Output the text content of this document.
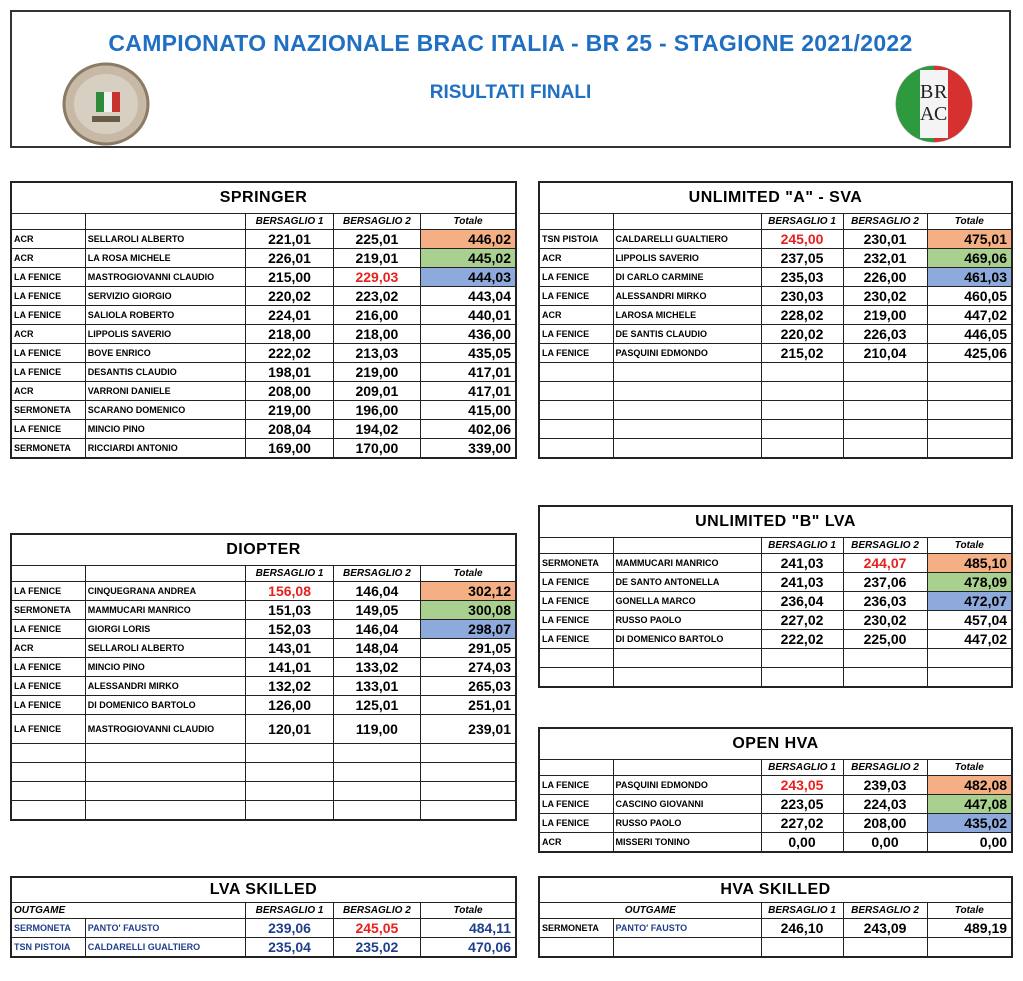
CAMPIONATO NAZIONALE BRAC ITALIA - BR 25 - STAGIONE 2021/2022
RISULTATI FINALI	B R
A C
SPRINGER				
		BERSAGLIO 1	BERSAGLIO 2	Totale
ACR	SELLAROLI ALBERTO	221,01	225,01	446,02
ACR	LA ROSA MICHELE	226,01	219,01	445,02
LA FENICE	MASTROGIOVANNI CLAUDIO	215,00	229,03	444,03
LA FENICE	SERVIZIO GIORGIO	220,02	223,02	443,04
LA FENICE	SALIOLA ROBERTO	224,01	216,00	440,01
ACR	LIPPOLIS SAVERIO	218,00	218,00	436,00
LA FENICE	BOVE ENRICO	222,02	213,03	435,05
LA FENICE	DESANTIS CLAUDIO	198,01	219,00	417,01
ACR	VARRONI DANIELE	208,00	209,01	417,01
SERMONETA	SCARANO DOMENICO	219,00	196,00	415,00
LA FENICE	MINCIO PINO	208,04	194,02	402,06
SERMONETA	RICCIARDI ANTONIO	169,00	170,00	339,00
UNLIMITED "A" - SVA				
		BERSAGLIO 1	BERSAGLIO 2	Totale
TSN PISTOIA	CALDARELLI GUALTIERO	245,00	230,01	475,01
ACR	LIPPOLIS SAVERIO	237,05	232,01	469,06
LA FENICE	DI CARLO CARMINE	235,03	226,00	461,03
LA FENICE	ALESSANDRI MIRKO	230,03	230,02	460,05
ACR	LAROSA MICHELE	228,02	219,00	447,02
LA FENICE	DE SANTIS CLAUDIO	220,02	226,03	446,05
LA FENICE	PASQUINI EDMONDO	215,02	210,04	425,06

DIOPTER				
		BERSAGLIO 1	BERSAGLIO 2	Totale
LA FENICE	CINQUEGRANA ANDREA	156,08	146,04	302,12
SERMONETA	MAMMUCARI MANRICO	151,03	149,05	300,08
LA FENICE	GIORGI LORIS	152,03	146,04	298,07
ACR	SELLAROLI ALBERTO	143,01	148,04	291,05
LA FENICE	MINCIO PINO	141,01	133,02	274,03
LA FENICE	ALESSANDRI MIRKO	132,02	133,01	265,03
LA FENICE	DI DOMENICO BARTOLO	126,00	125,01	251,01
LA FENICE	MASTROGIOVANNI CLAUDIO	120,01	119,00	239,01

UNLIMITED "B" LVA				
		BERSAGLIO 1	BERSAGLIO 2	Totale
SERMONETA	MAMMUCARI MANRICO	241,03	244,07	485,10
LA FENICE	DE SANTO ANTONELLA	241,03	237,06	478,09
LA FENICE	GONELLA MARCO	236,04	236,03	472,07
LA FENICE	RUSSO PAOLO	227,02	230,02	457,04
LA FENICE	DI DOMENICO BARTOLO	222,02	225,00	447,02

OPEN HVA				
		BERSAGLIO 1	BERSAGLIO 2	Totale
LA FENICE	PASQUINI EDMONDO	243,05	239,03	482,08
LA FENICE	CASCINO GIOVANNI	223,05	224,03	447,08
LA FENICE	RUSSO PAOLO	227,02	208,00	435,02
ACR	MISSERI TONINO	0,00	0,00	0,00
LVA SKILLED				
OUTGAME		BERSAGLIO 1	BERSAGLIO 2	Totale
SERMONETA	PANTO' FAUSTO	239,06	245,05	484,11
TSN PISTOIA	CALDARELLI GUALTIERO	235,04	235,02	470,06
HVA SKILLED				
OUTGAME		BERSAGLIO 1	BERSAGLIO 2	Totale
SERMONETA	PANTO' FAUSTO	246,10	243,09	489,19
